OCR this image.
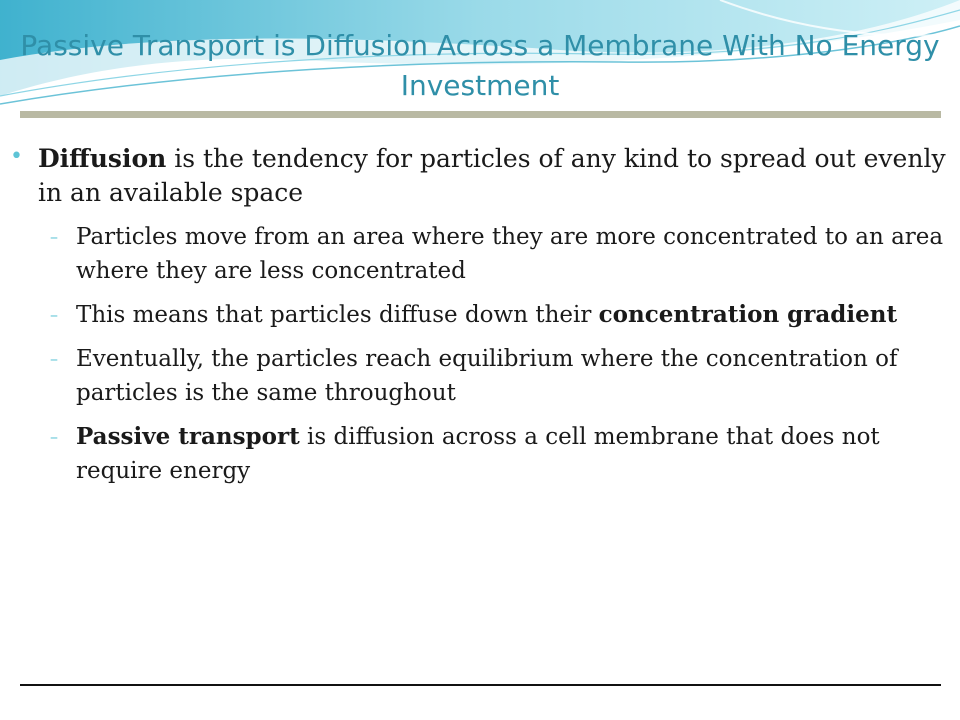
Passive Transport is Diffusion Across a Membrane With No Energy Investment
• Diffusion is the tendency for particles of any kind to spread out evenly in an available space
– Particles move from an area where they are more concentrated to an area where they are less concentrated
– This means that particles diffuse down their concentration gradient
– Eventually, the particles reach equilibrium where the concentration of particles is the same throughout
– Passive transport is diffusion across a cell membrane that does not require energy
